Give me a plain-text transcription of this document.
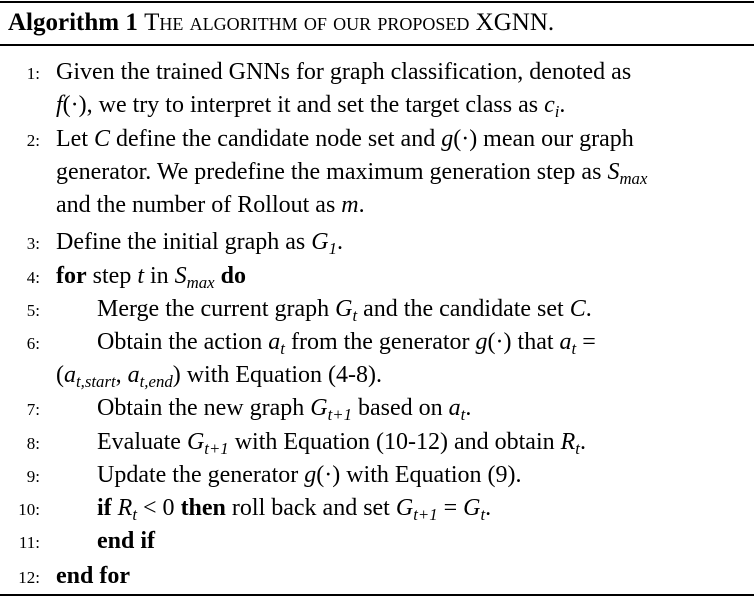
Algorithm 1 The algorithm of our proposed XGNN.
1: Given the trained GNNs for graph classification, denoted as
f(·), we try to interpret it and set the target class as $c_i$.
2: Let C define the candidate node set and g(·) mean our graph
generator. We predefine the maximum generation step as $S_{max}$
and the number of Rollout as m.
3: Define the initial graph as $G_1$.
4: for step t in $S_{max}$ do
5: Merge the current graph $G_t$ and the candidate set C.
6: Obtain the action $a_t$ from the generator g(·) that $a_t$ =
($a_{t,start}$, $a_{t,end}$) with Equation (4-8).
7: Obtain the new graph $G_{t+1}$ based on $a_t$.
8: Evaluate $G_{t+1}$ with Equation (10-12) and obtain $R_t$.
9: Update the generator g(·) with Equation (9).
10: if $R_t < 0$ then roll back and set $G_{t+1} = G_t$.
11: end if
12: end for
